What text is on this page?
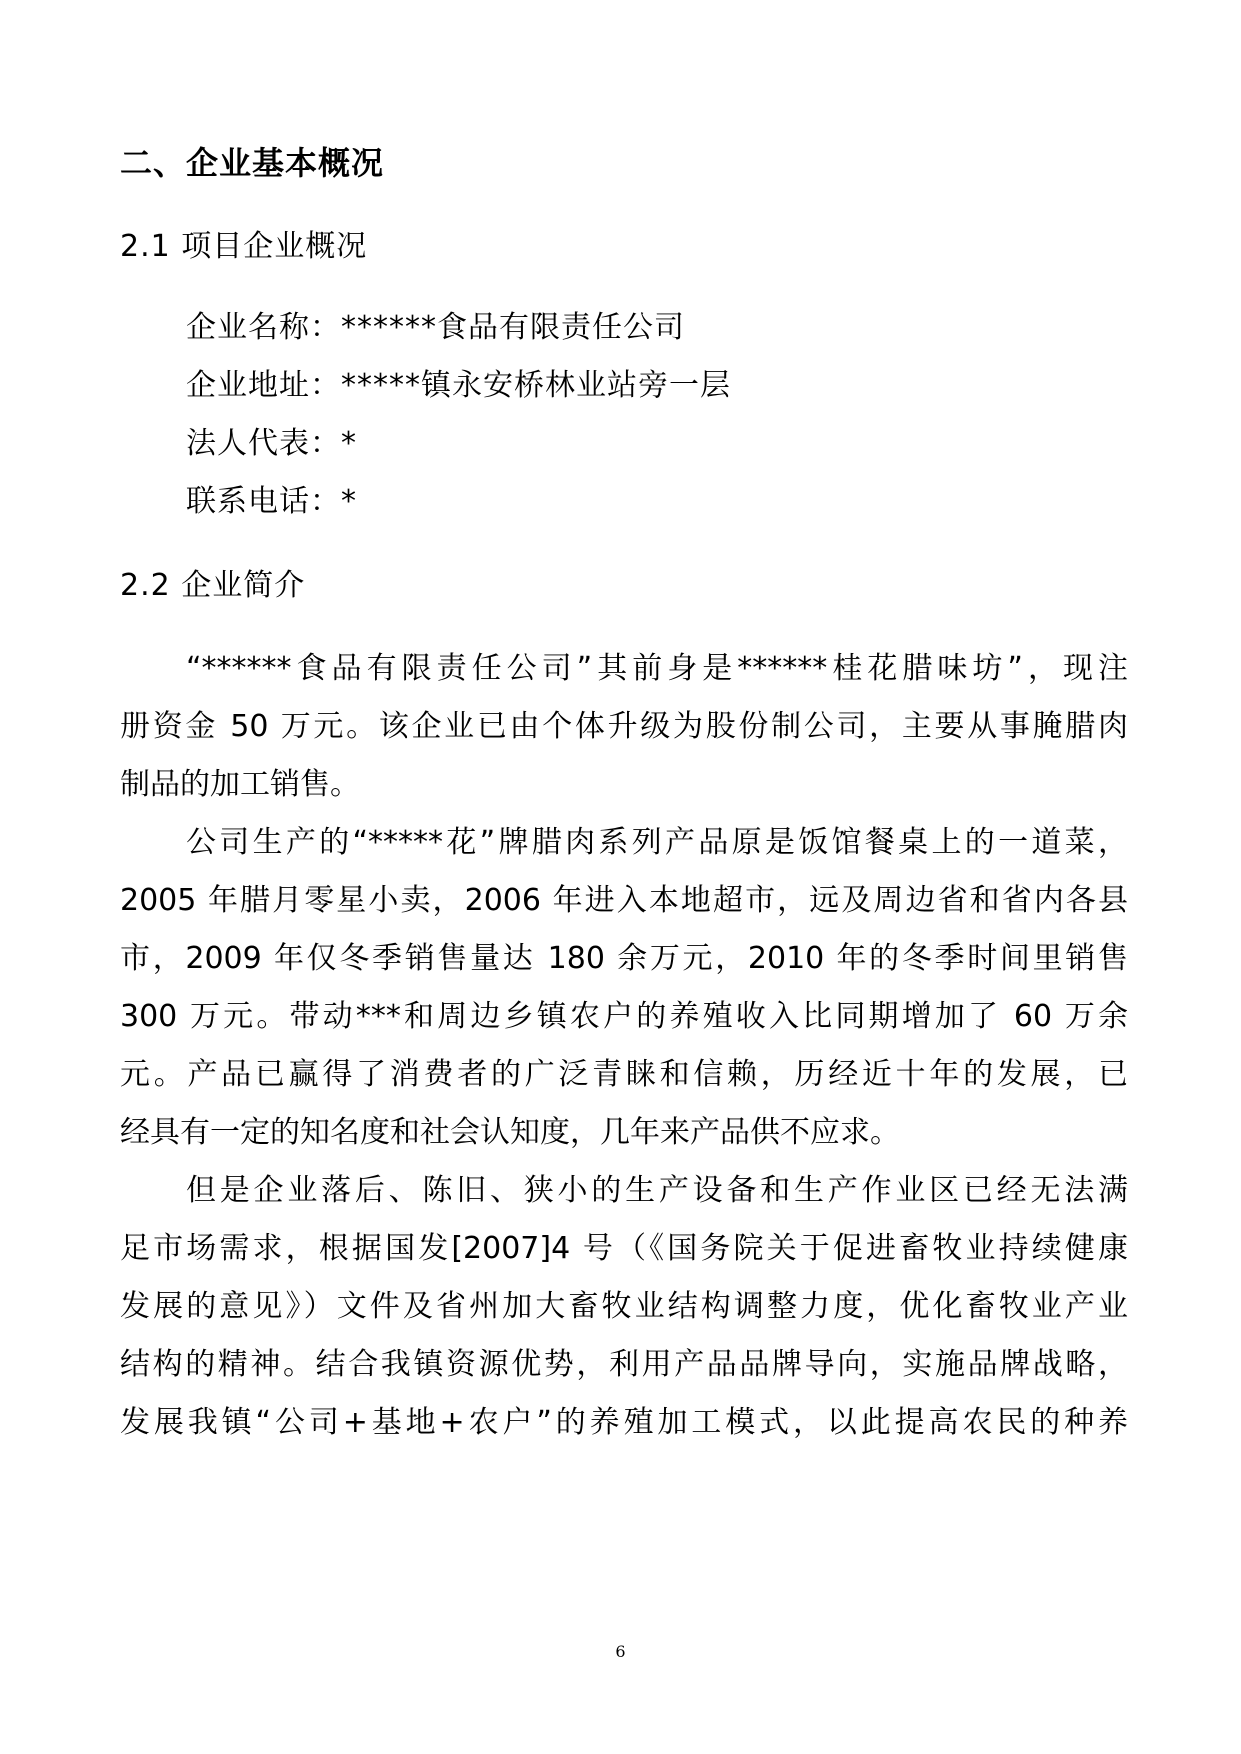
二、企业基本概况
2.1 项目企业概况
企业名称：******食品有限责任公司
企业地址：*****镇永安桥林业站旁一层
法人代表：*
联系电话：*
2.2 企业简介
“******食品有限责任公司”其前身是******桂花腊味坊”，现注
册资金 50 万元。该企业已由个体升级为股份制公司，主要从事腌腊肉
制品的加工销售。
公司生产的“*****花”牌腊肉系列产品原是饭馆餐桌上的一道菜，
2005 年腊月零星小卖，2006 年进入本地超市，远及周边省和省内各县
市，2009 年仅冬季销售量达 180 余万元，2010 年的冬季时间里销售
300 万元。带动***和周边乡镇农户的养殖收入比同期增加了 60 万余
元。产品已赢得了消费者的广泛青睐和信赖，历经近十年的发展，已
经具有一定的知名度和社会认知度，几年来产品供不应求。
但是企业落后、陈旧、狭小的生产设备和生产作业区已经无法满
足市场需求，根据国发[2007]4 号（《国务院关于促进畜牧业持续健康
发展的意见》）文件及省州加大畜牧业结构调整力度，优化畜牧业产业
结构的精神。结合我镇资源优势，利用产品品牌导向，实施品牌战略，
发展我镇“公司+基地+农户”的养殖加工模式，以此提高农民的种养
6
